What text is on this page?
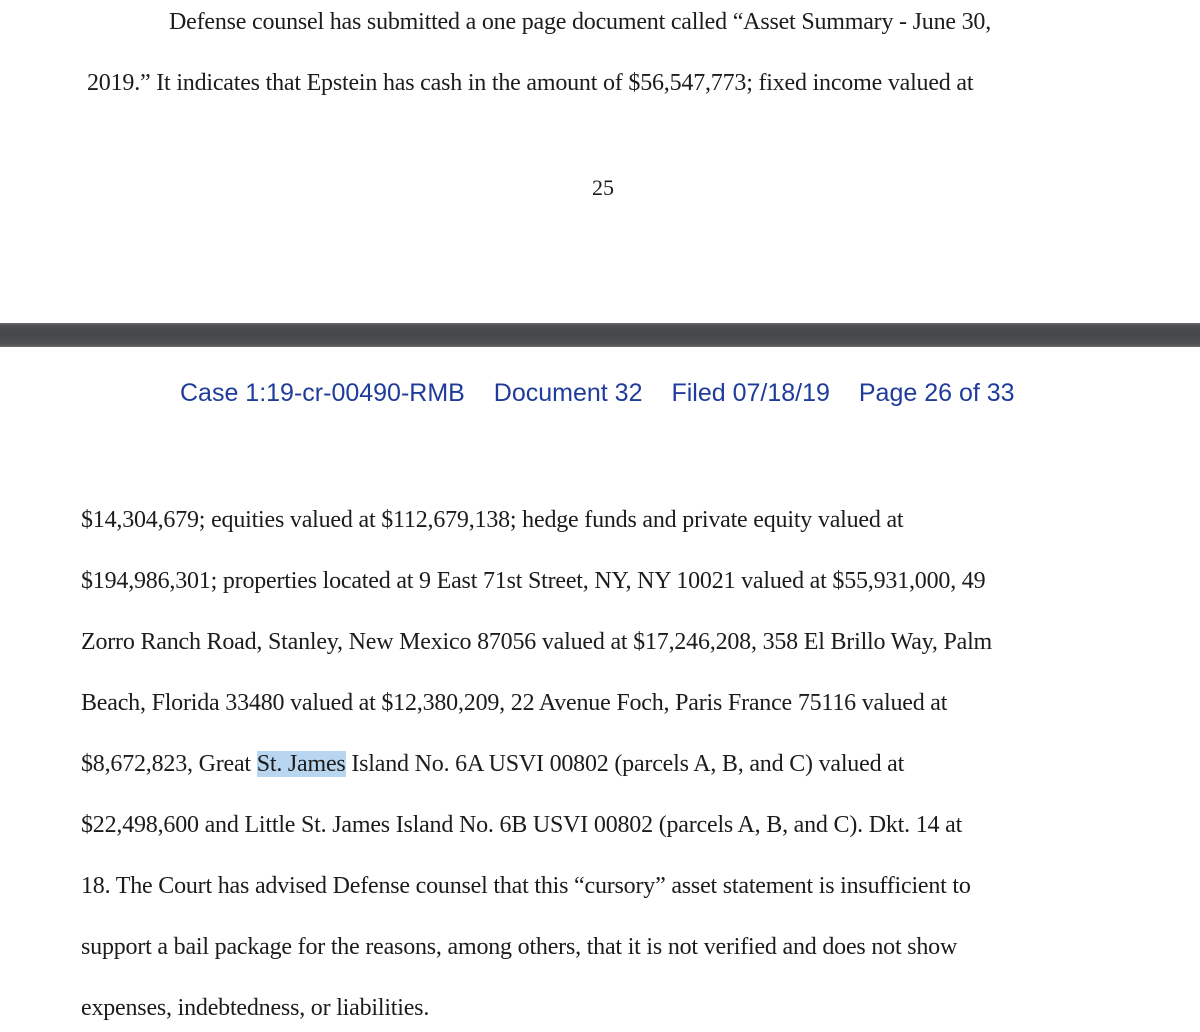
Defense counsel has submitted a one page document called “Asset Summary - June 30,
2019.” It indicates that Epstein has cash in the amount of $56,547,773; fixed income valued at
25
Case 1:19-cr-00490-RMB Document 32 Filed 07/18/19 Page 26 of 33
$14,304,679; equities valued at $112,679,138; hedge funds and private equity valued at
$194,986,301; properties located at 9 East 71st Street, NY, NY 10021 valued at $55,931,000, 49
Zorro Ranch Road, Stanley, New Mexico 87056 valued at $17,246,208, 358 El Brillo Way, Palm
Beach, Florida 33480 valued at $12,380,209, 22 Avenue Foch, Paris France 75116 valued at
$8,672,823, Great St. James Island No. 6A USVI 00802 (parcels A, B, and C) valued at
$22,498,600 and Little St. James Island No. 6B USVI 00802 (parcels A, B, and C). Dkt. 14 at
18. The Court has advised Defense counsel that this “cursory” asset statement is insufficient to
support a bail package for the reasons, among others, that it is not verified and does not show
expenses, indebtedness, or liabilities.
